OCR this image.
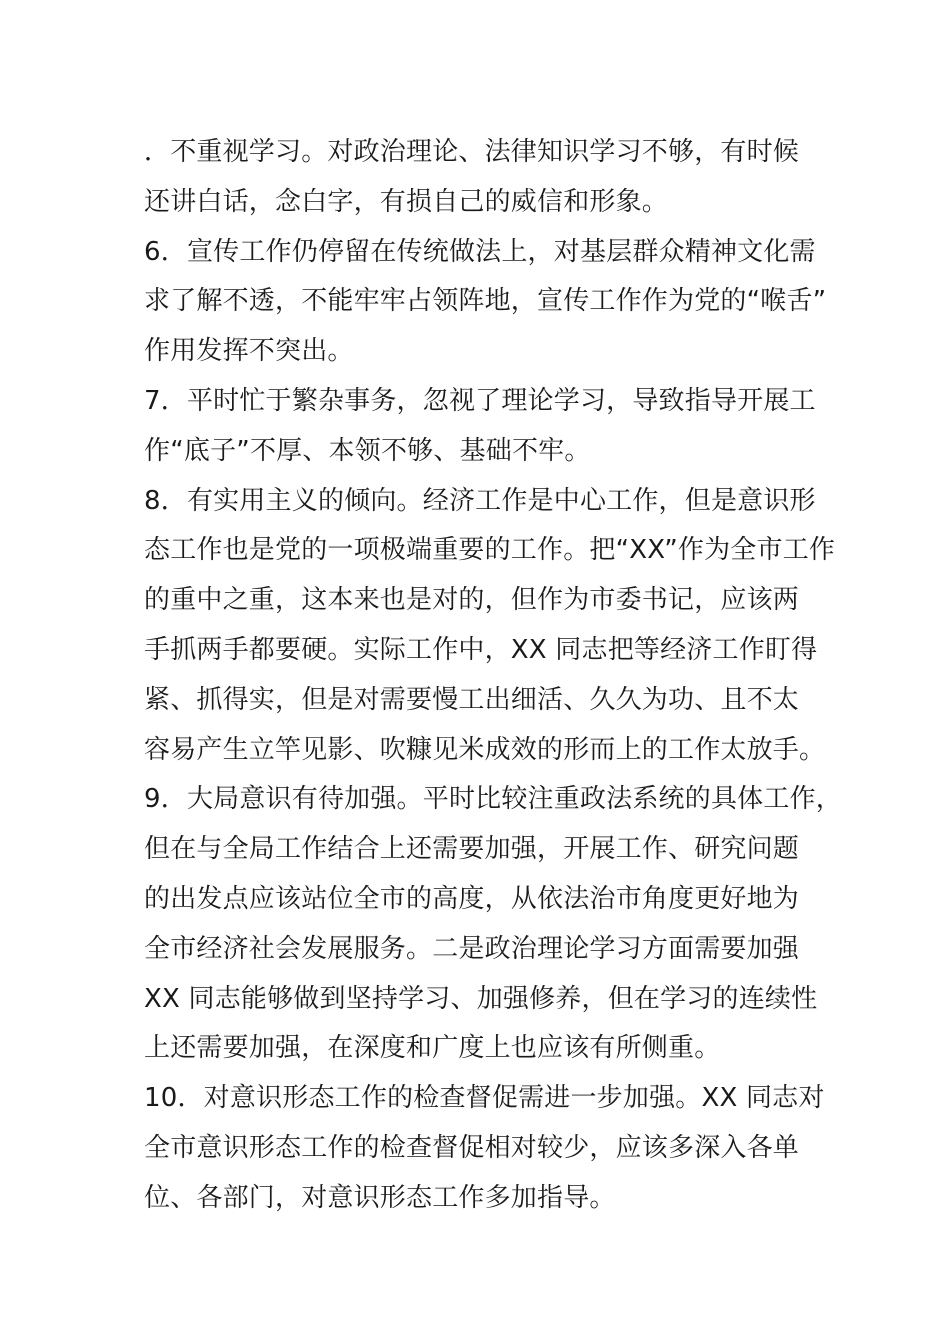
．不重视学习。对政治理论、法律知识学习不够，有时候
还讲白话，念白字，有损自己的威信和形象。

6．宣传工作仍停留在传统做法上，对基层群众精神文化需
求了解不透，不能牢牢占领阵地，宣传工作作为党的“喉舌”
作用发挥不突出。

7．平时忙于繁杂事务，忽视了理论学习，导致指导开展工
作“底子”不厚、本领不够、基础不牢。

8．有实用主义的倾向。经济工作是中心工作，但是意识形
态工作也是党的一项极端重要的工作。把“XX”作为全市工作
的重中之重，这本来也是对的，但作为市委书记，应该两
手抓两手都要硬。实际工作中，XX 同志把等经济工作盯得
紧、抓得实，但是对需要慢工出细活、久久为功、且不太
容易产生立竿见影、吹糠见米成效的形而上的工作太放手。

9．大局意识有待加强。平时比较注重政法系统的具体工作，
但在与全局工作结合上还需要加强，开展工作、研究问题
的出发点应该站位全市的高度，从依法治市角度更好地为
全市经济社会发展服务。二是政治理论学习方面需要加强
XX 同志能够做到坚持学习、加强修养，但在学习的连续性
上还需要加强，在深度和广度上也应该有所侧重。

10．对意识形态工作的检查督促需进一步加强。XX 同志对
全市意识形态工作的检查督促相对较少，应该多深入各单
位、各部门，对意识形态工作多加指导。
